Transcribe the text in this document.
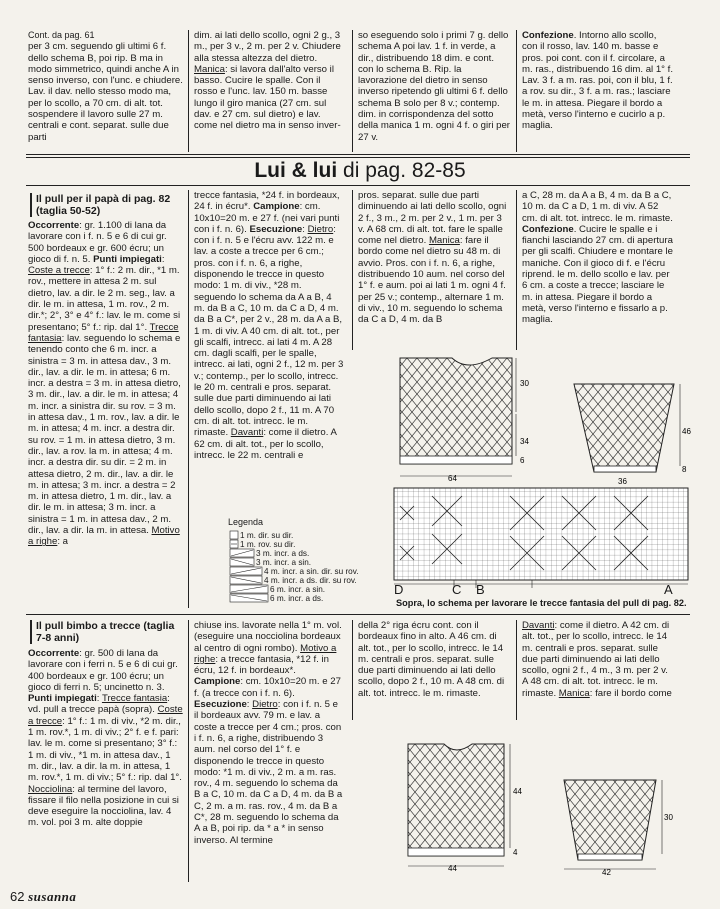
Cont. da pag. 61

per 3 cm. seguendo gli ultimi 6 f. dello schema B, poi rip. B ma in modo simmetrico, quindi anche A in senso inverso, con l'unc. e chiudere. Lav. il dav. nello stesso modo ma, per lo scollo, a 70 cm. di alt. tot. sospendere il lavoro sulle 27 m. centrali e cont. separat. sulle due parti

dim. ai lati dello scollo, ogni 2 g., 3 m., per 3 v., 2 m. per 2 v. Chiudere alla stessa altezza del dietro. Manica: si lavora dall'alto verso il basso. Cucire le spalle. Con il rosso e l'unc. lav. 150 m. basse lungo il giro manica (27 cm. sul dav. e 27 cm. sul dietro) e lav. come nel dietro ma in senso inver-
so eseguendo solo i primi 7 g. dello schema A poi lav. 1 f. in verde, a dir., distribuendo 18 dim. e cont. con lo schema B. Rip. la lavorazione del dietro in senso inverso ripetendo gli ultimi 6 f. dello schema B solo per 8 v.; contemp. dim. in corrispondenza del sotto della manica 1 m. ogni 4 f. o giri per 27 v.
Confezione. Intorno allo scollo, con il rosso, lav. 140 m. basse e pros. poi cont. con il f. circolare, a m. ras., distribuendo 16 dim. al 1° f. Lav. 3 f. a m. ras. poi, con il blu, 1 f. a rov. su dir., 3 f. a m. ras.; lasciare le m. in attesa. Piegare il bordo a metà, verso l'interno e cucirlo a p. maglia.
Lui & lui di pag. 82-85
Il pull per il papà di pag. 82 (taglia 50-52)
Occorrente: gr. 1.100 di lana da lavorare con i f. n. 5 e 6 di cui gr. 500 bordeaux e gr. 600 écru; un gioco di f. n. 5. Punti impiegati: Coste a trecce: 1° f.: 2 m. dir., *1 m. rov., mettere in attesa 2 m. sul dietro, lav. a dir. le 2 m. seg., lav. a dir. le m. in attesa, 1 m. rov., 2 m. dir.*; 2°, 3° e 4° f.: lav. le m. come si presentano; 5° f.: rip. dal 1°. Trecce fantasia: lav. seguendo lo schema e tenendo conto che 6 m. incr. a sinistra = 3 m. in attesa dav., 3 m. dir., lav. a dir. le m. in attesa; 6 m. incr. a destra = 3 m. in attesa dietro, 3 m. dir., lav. a dir. le m. in attesa; 4 m. incr. a sinistra dir. su rov. = 3 m. in attesa dav., 1 m. rov., lav. a dir. le m. in attesa; 4 m. incr. a destra dir. su rov. = 1 m. in attesa dietro, 3 m. dir., lav. a rov. la m. in attesa; 4 m. incr. a destra dir. su dir. = 2 m. in attesa dietro, 2 m. dir., lav. a dir. le m. in attesa; 3 m. incr. a destra = 2 m. in attesa dietro, 1 m. dir., lav. a dir. le m. in attesa; 3 m. incr. a sinistra = 1 m. in attesa dav., 2 m. dir., lav. a dir. la m. in attesa. Motivo a righe: a
trecce fantasia, *24 f. in bordeaux, 24 f. in écru*. Campione: cm. 10x10=20 m. e 27 f. (nei vari punti con i f. n. 6). Esecuzione: Dietro: con i f. n. 5 e l'écru avv. 122 m. e lav. a coste a trecce per 6 cm.; pros. con i f. n. 6, a righe, disponendo le trecce in questo modo: 1 m. di viv., *28 m. seguendo lo schema da A a B, 4 m. da B a C, 10 m. da C a D, 4 m. da B a C*, per 2 v., 28 m. da A a B, 1 m. di viv. A 40 cm. di alt. tot., per gli scalfi, intrecc. ai lati 4 m. A 28 cm. dagli scalfi, per le spalle, intrecc. ai lati, ogni 2 f., 12 m. per 3 v.; contemp., per lo scollo, intrecc. le 20 m. centrali e pros. separat. sulle due parti diminuendo ai lati dello scollo, dopo 2 f., 11 m. A 70 cm. di alt. tot. intrecc. le m. rimaste. Davanti: come il dietro. A 62 cm. di alt. tot., per lo scollo, intrecc. le 22 m. centrali e
pros. separat. sulle due parti diminuendo ai lati dello scollo, ogni 2 f., 3 m., 2 m. per 2 v., 1 m. per 3 v. A 68 cm. di alt. tot. fare le spalle come nel dietro. Manica: fare il bordo come nel dietro su 48 m. di avvio. Pros. con i f. n. 6, a righe, distribuendo 10 aum. nel corso del 1° f. e aum. poi ai lati 1 m. ogni 4 f. per 25 v.; contemp., alternare 1 m. di viv., 10 m. seguendo lo schema da C a D, 4 m. da B
a C, 28 m. da A a B, 4 m. da B a C, 10 m. da C a D, 1 m. di viv. A 52 cm. di alt. tot. intrecc. le m. rimaste. Confezione. Cucire le spalle e i fianchi lasciando 27 cm. di apertura per gli scalfi. Chiudere e montare le maniche. Con il gioco di f. e l'écru riprend. le m. dello scollo e lav. per 6 cm. a coste a trecce; lasciare le m. in attesa. Piegare il bordo a metà, verso l'interno e fissarlo a p. maglia.
30
34
6
64
46
8
36
Legenda
1 m. dir. su dir.
1 m. rov. su dir.
3 m. incr. a ds.
3 m. incr. a sin.
4 m. incr. a sin. dir. su rov.
4 m. incr. a ds. dir. su rov.
6 m. incr. a sin.
6 m. incr. a ds.
D	C B	A
Sopra, lo schema per lavorare le trecce fantasia del pull di pag. 82.
Il pull bimbo a trecce (taglia 7-8 anni)
Occorrente: gr. 500 di lana da lavorare con i ferri n. 5 e 6 di cui gr. 400 bordeaux e gr. 100 écru; un gioco di ferri n. 5; uncinetto n. 3. Punti impiegati: Trecce fantasia: vd. pull a trecce papà (sopra). Coste a trecce: 1° f.: 1 m. di viv., *2 m. dir., 1 m. rov.*, 1 m. di viv.; 2° f. e f. pari: lav. le m. come si presentano; 3° f.: 1 m. di viv., *1 m. in attesa dav., 1 m. dir., lav. a dir. la m. in attesa, 1 m. rov.*, 1 m. di viv.; 5° f.: rip. dal 1°. Nocciolina: al termine del lavoro, fissare il filo nella posizione in cui si deve eseguire la nocciolina, lav. 4 m. vol. poi 3 m. alte doppie
chiuse ins. lavorate nella 1° m. vol. (eseguire una nocciolina bordeaux al centro di ogni rombo). Motivo a righe: a trecce fantasia, *12 f. in écru, 12 f. in bordeaux*. Campione: cm. 10x10=20 m. e 27 f. (a trecce con i f. n. 6). Esecuzione: Dietro: con i f. n. 5 e il bordeaux avv. 79 m. e lav. a coste a trecce per 4 cm.; pros. con i f. n. 6, a righe, distribuendo 3 aum. nel corso del 1° f. e disponendo le trecce in questo modo: *1 m. di viv., 2 m. a m. ras. rov., 4 m. seguendo lo schema da B a C, 10 m. da C a D, 4 m. da B a C, 2 m. a m. ras. rov., 4 m. da B a C*, 28 m. seguendo lo schema da A a B, poi rip. da * a * in senso inverso. Al termine
della 2° riga écru cont. con il bordeaux fino in alto. A 46 cm. di alt. tot., per lo scollo, intrecc. le 14 m. centrali e pros. separat. sulle due parti diminuendo ai lati dello scollo, dopo 2 f., 10 m. A 48 cm. di alt. tot. intrecc. le m. rimaste.
Davanti: come il dietro. A 42 cm. di alt. tot., per lo scollo, intrecc. le 14 m. centrali e pros. separat. sulle due parti diminuendo ai lati dello scollo, ogni 2 f., 4 m., 3 m. per 2 v. A 48 cm. di alt. tot. intrecc. le m. rimaste. Manica: fare il bordo come
44
4
44
30
42
62 susanna
